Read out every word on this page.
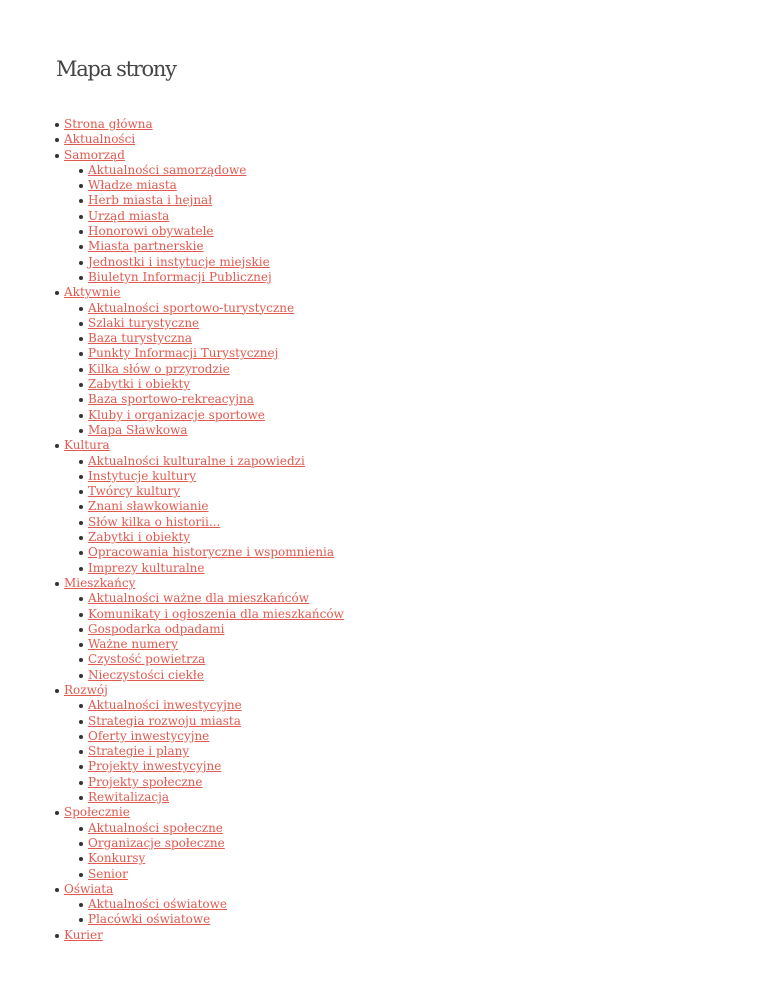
Mapa strony
Strona główna
Aktualności
Samorząd
Aktualności samorządowe
Władze miasta
Herb miasta i hejnał
Urząd miasta
Honorowi obywatele
Miasta partnerskie
Jednostki i instytucje miejskie
Biuletyn Informacji Publicznej
Aktywnie
Aktualności sportowo-turystyczne
Szlaki turystyczne
Baza turystyczna
Punkty Informacji Turystycznej
Kilka słów o przyrodzie
Zabytki i obiekty
Baza sportowo-rekreacyjna
Kluby i organizacje sportowe
Mapa Sławkowa
Kultura
Aktualności kulturalne i zapowiedzi
Instytucje kultury
Twórcy kultury
Znani sławkowianie
Słów kilka o historii...
Zabytki i obiekty
Opracowania historyczne i wspomnienia
Imprezy kulturalne
Mieszkańcy
Aktualności ważne dla mieszkańców
Komunikaty i ogłoszenia dla mieszkańców
Gospodarka odpadami
Ważne numery
Czystość powietrza
Nieczystości ciekłe
Rozwój
Aktualności inwestycyjne
Strategia rozwoju miasta
Oferty inwestycyjne
Strategie i plany
Projekty inwestycyjne
Projekty społeczne
Rewitalizacja
Społecznie
Aktualności społeczne
Organizacje społeczne
Konkursy
Senior
Oświata
Aktualności oświatowe
Placówki oświatowe
Kurier
